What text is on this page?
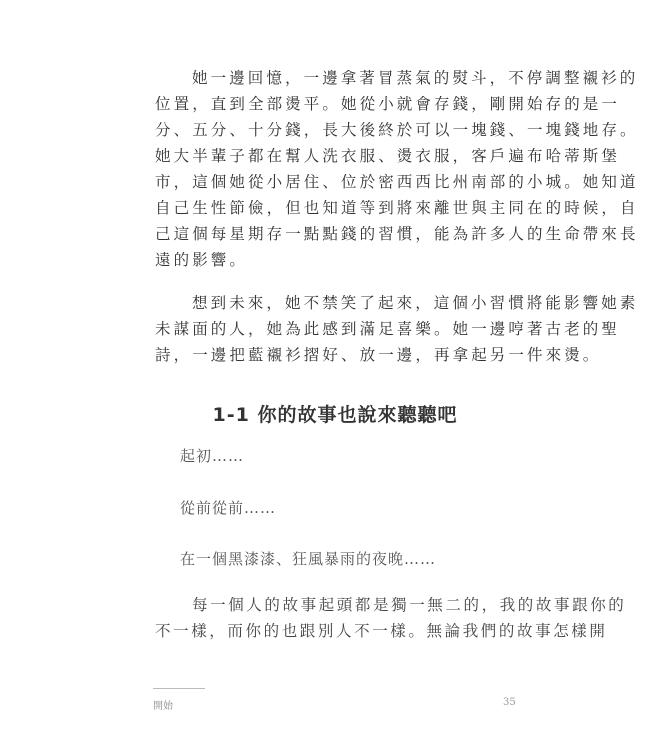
她一邊回憶，一邊拿著冒蒸氣的熨斗，不停調整襯衫的
位置，直到全部燙平。她從小就會存錢，剛開始存的是一
分、五分、十分錢，長大後終於可以一塊錢、一塊錢地存。
她大半輩子都在幫人洗衣服、燙衣服，客戶遍布哈蒂斯堡
市，這個她從小居住、位於密西西比州南部的小城。她知道
自己生性節儉，但也知道等到將來離世與主同在的時候，自
己這個每星期存一點點錢的習慣，能為許多人的生命帶來長
遠的影響。
想到未來，她不禁笑了起來，這個小習慣將能影響她素
未謀面的人，她為此感到滿足喜樂。她一邊哼著古老的聖
詩，一邊把藍襯衫摺好、放一邊，再拿起另一件來燙。
1-1 你的故事也說來聽聽吧
起初……
從前從前……
在一個黑漆漆、狂風暴雨的夜晚……
每一個人的故事起頭都是獨一無二的，我的故事跟你的
不一樣，而你的也跟別人不一樣。無論我們的故事怎樣開
開始	35
